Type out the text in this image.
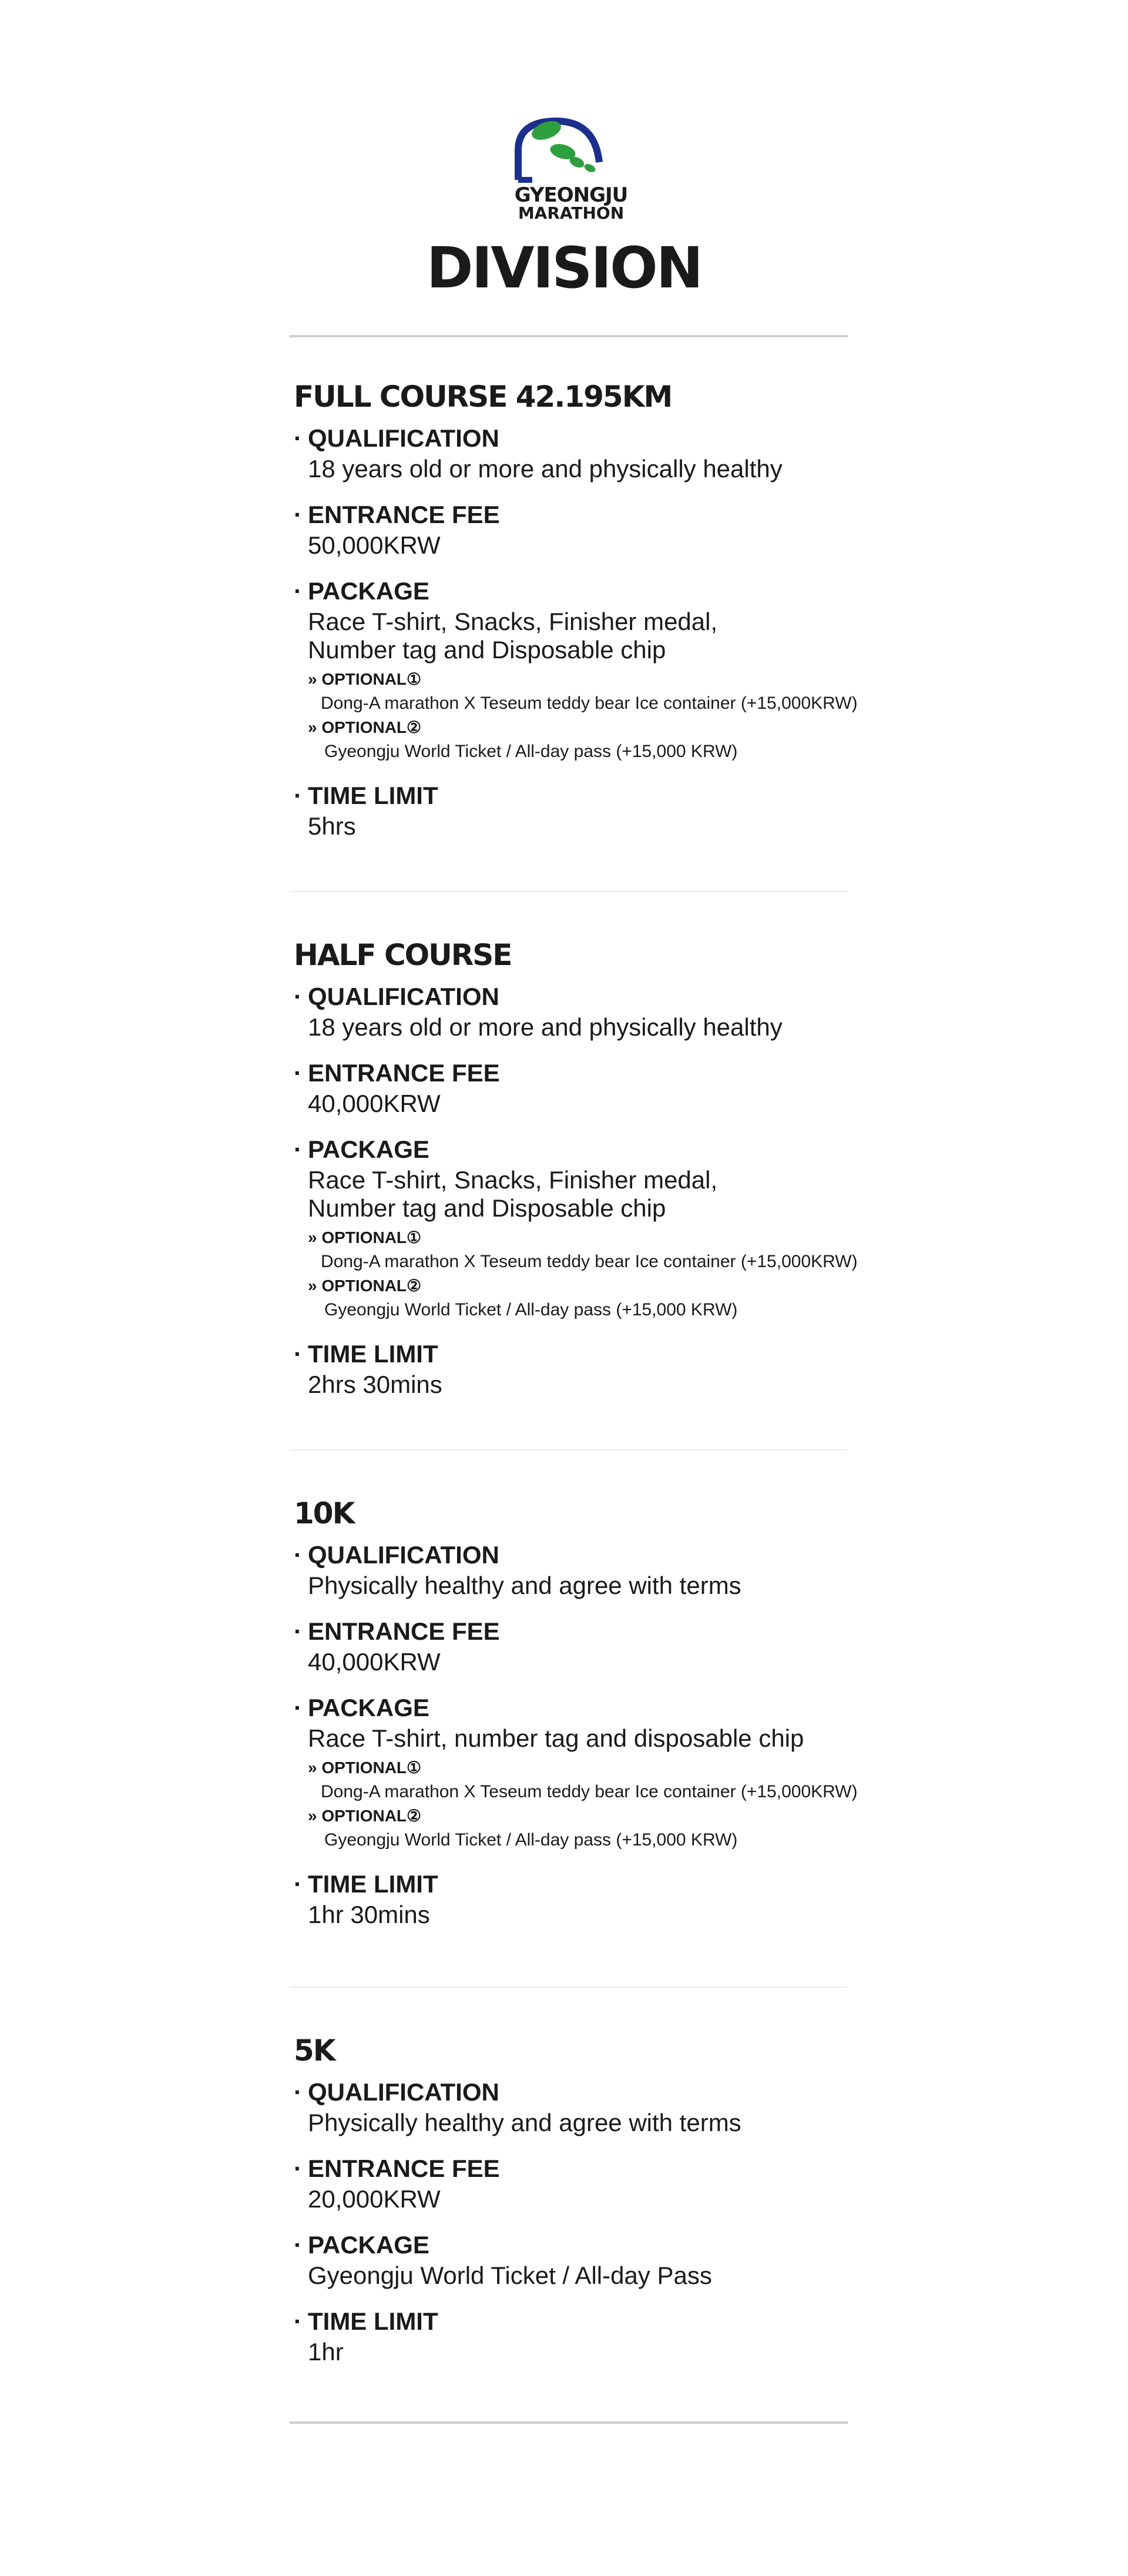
GYEONGJU
MARATHON
DIVISION
FULL COURSE 42.195KM
· QUALIFICATION
18 years old or more and physically healthy
· ENTRANCE FEE
50,000KRW
· PACKAGE
Race T-shirt, Snacks, Finisher medal,
Number tag and Disposable chip
» OPTIONAL①
Dong-A marathon X Teseum teddy bear Ice container (+15,000KRW)
» OPTIONAL②
Gyeongju World Ticket / All-day pass (+15,000 KRW)
· TIME LIMIT
5hrs
HALF COURSE
· QUALIFICATION
18 years old or more and physically healthy
· ENTRANCE FEE
40,000KRW
· PACKAGE
Race T-shirt, Snacks, Finisher medal,
Number tag and Disposable chip
» OPTIONAL①
Dong-A marathon X Teseum teddy bear Ice container (+15,000KRW)
» OPTIONAL②
Gyeongju World Ticket / All-day pass (+15,000 KRW)
· TIME LIMIT
2hrs 30mins
10K
· QUALIFICATION
Physically healthy and agree with terms
· ENTRANCE FEE
40,000KRW
· PACKAGE
Race T-shirt, number tag and disposable chip
» OPTIONAL①
Dong-A marathon X Teseum teddy bear Ice container (+15,000KRW)
» OPTIONAL②
Gyeongju World Ticket / All-day pass (+15,000 KRW)
· TIME LIMIT
1hr 30mins
5K
· QUALIFICATION
Physically healthy and agree with terms
· ENTRANCE FEE
20,000KRW
· PACKAGE
Gyeongju World Ticket / All-day Pass
· TIME LIMIT
1hr
